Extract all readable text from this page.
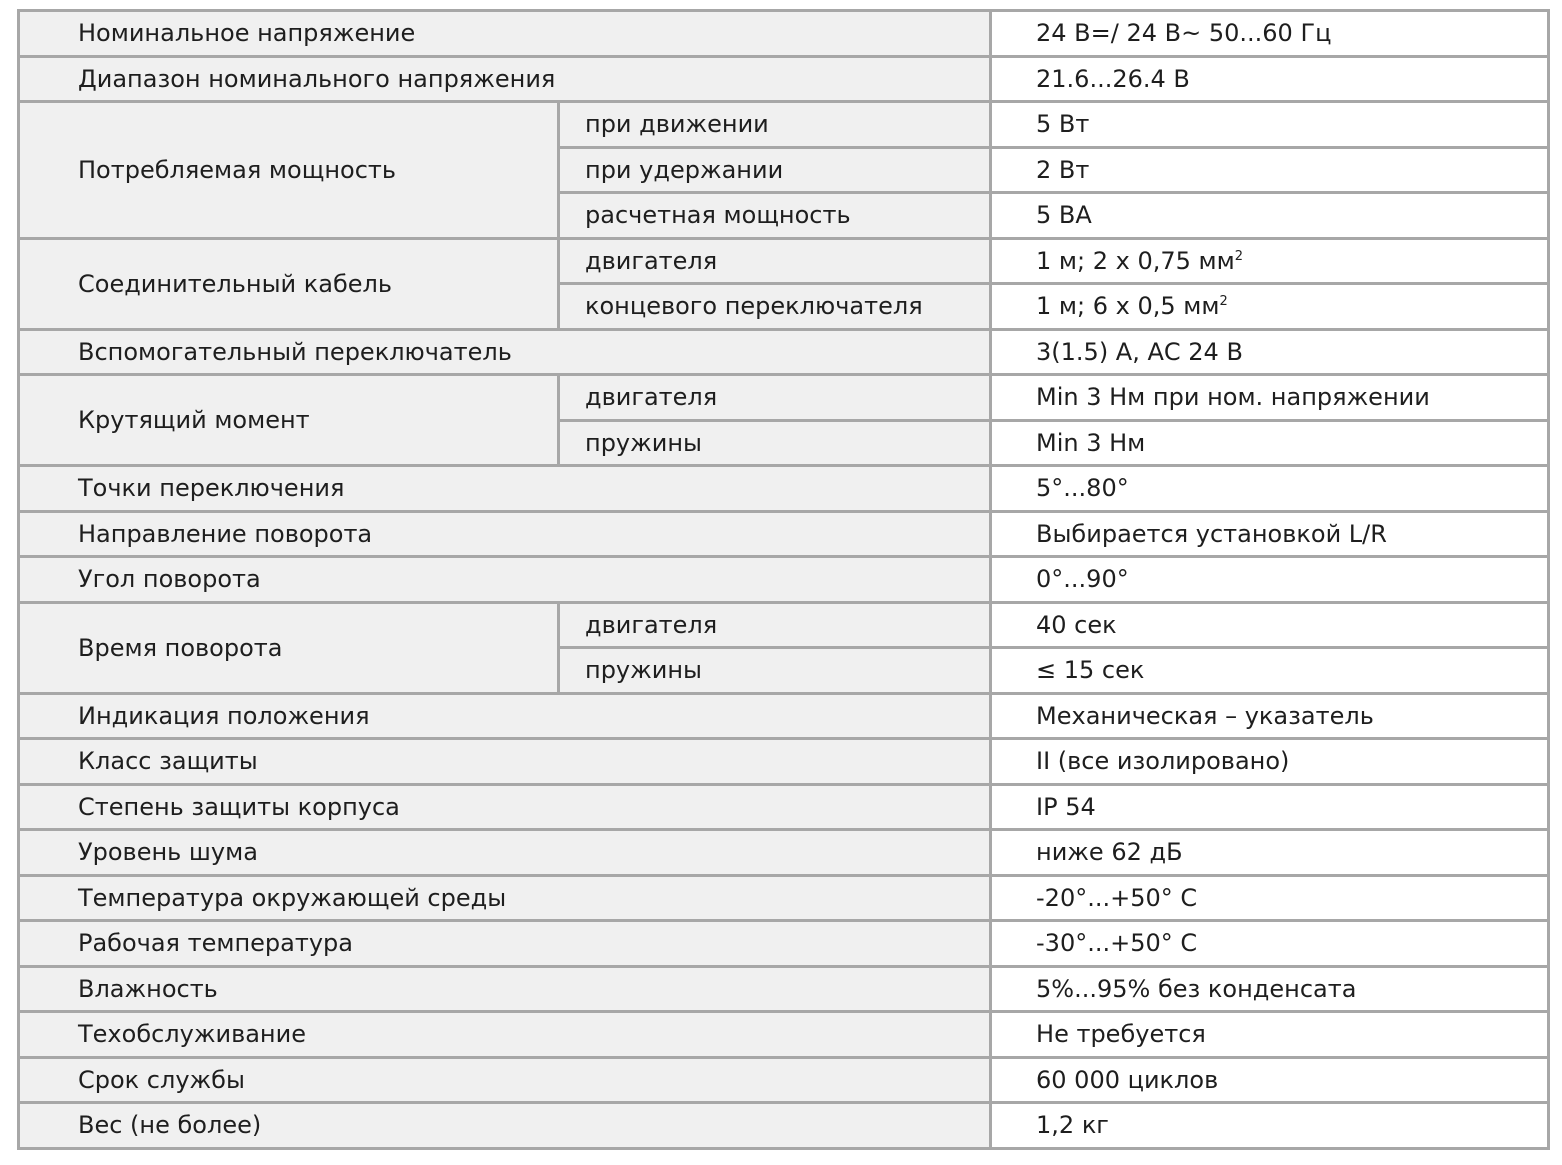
Номинальное напряжение		24 В=/ 24 В~ 50...60 Гц
Диапазон номинального напряжения		21.6...26.4 В
Потребляемая мощность	при движении	5 Вт
	при удержании	2 Вт
	расчетная мощность	5 ВА
Соединительный кабель	двигателя	1 м; 2 х 0,75 $мм^2$
	концевого переключателя	1 м; 6 х 0,5 $мм^2$
Вспомогательный переключатель		3(1.5) А, АС 24 В
Крутящий момент	двигателя	Min 3 Нм при ном. напряжении
	пружины	Min 3 Нм
Точки переключения		5°...80°
Направление поворота		Выбирается установкой L/R
Угол поворота		0°...90°
Время поворота	двигателя	40 сек
	пружины	≤ 15 сек
Индикация положения		Механическая – указатель
Класс защиты		II (все изолировано)
Степень защиты корпуса		IP 54
Уровень шума		ниже 62 дБ
Температура окружающей среды		-20°...+50° С
Рабочая температура		-30°...+50° С
Влажность		5%...95% без конденсата
Техобслуживание		Не требуется
Срок службы		60 000 циклов
Вес (не более)		1,2 кг
